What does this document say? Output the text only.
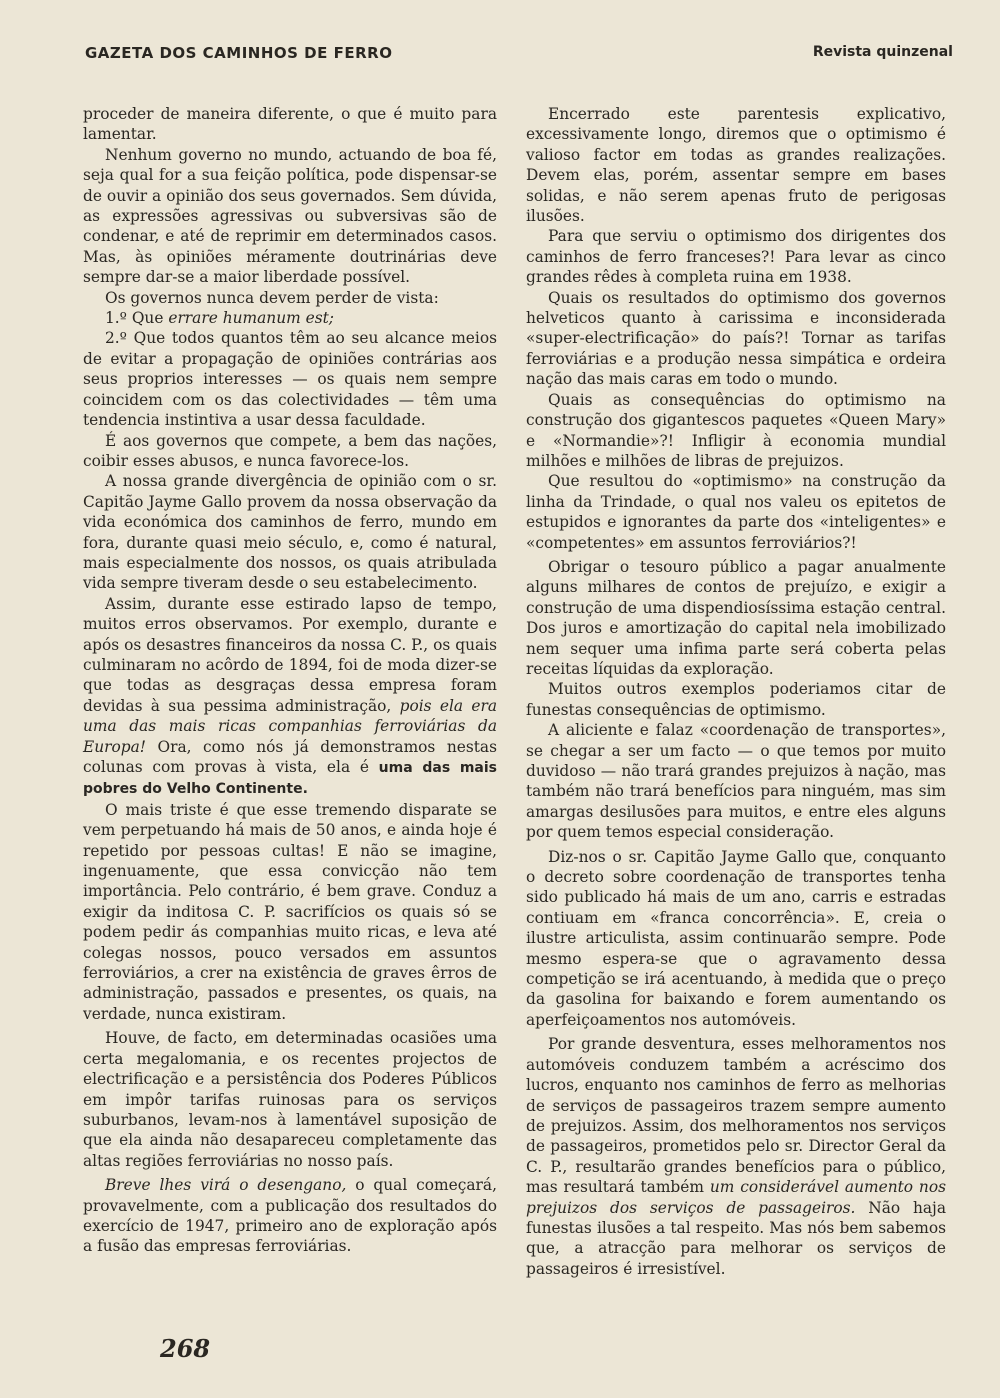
GAZETA DOS CAMINHOS DE FERRO	Revista quinzenal

proceder de maneira diferente, o que é muito para lamentar.

Nenhum governo no mundo, actuando de boa fé, seja qual for a sua feição política, pode dispensar-se de ouvir a opinião dos seus governados. Sem dúvida, as expressões agressivas ou subversivas são de condenar, e até de reprimir em determinados casos. Mas, às opiniões méramente doutrinárias deve sempre dar-se a maior liberdade possível.

Os governos nunca devem perder de vista:

1.º Que errare humanum est;

2.º Que todos quantos têm ao seu alcance meios de evitar a propagação de opiniões contrárias aos seus proprios interesses — os quais nem sempre coincidem com os das colectividades — têm uma tendencia instintiva a usar dessa faculdade.

É aos governos que compete, a bem das nações, coibir esses abusos, e nunca favorece-los.

A nossa grande divergência de opinião com o sr. Capitão Jayme Gallo provem da nossa observação da vida económica dos caminhos de ferro, mundo em fora, durante quasi meio século, e, como é natural, mais especialmente dos nossos, os quais atribulada vida sempre tiveram desde o seu estabelecimento.

Assim, durante esse estirado lapso de tempo, muitos erros observamos. Por exemplo, durante e após os desastres financeiros da nossa C. P., os quais culminaram no acôrdo de 1894, foi de moda dizer-se que todas as desgraças dessa empresa foram devidas à sua pessima administração, pois ela era uma das mais ricas companhias ferroviárias da Europa! Ora, como nós já demonstramos nestas colunas com provas à vista, ela é uma das mais pobres do Velho Continente.

O mais triste é que esse tremendo disparate se vem perpetuando há mais de 50 anos, e ainda hoje é repetido por pessoas cultas! E não se imagine, ingenuamente, que essa convicção não tem importância. Pelo contrário, é bem grave. Conduz a exigir da inditosa C. P. sacrifícios os quais só se podem pedir ás companhias muito ricas, e leva até colegas nossos, pouco versados em assuntos ferroviários, a crer na existência de graves êrros de administração, passados e presentes, os quais, na verdade, nunca existiram.

Houve, de facto, em determinadas ocasiões uma certa megalomania, e os recentes projectos de electrificação e a persistência dos Poderes Públicos em impôr tarifas ruinosas para os serviços suburbanos, levam-nos à lamentável suposição de que ela ainda não desapareceu completamente das altas regiões ferroviárias no nosso país.

Breve lhes virá o desengano, o qual começará, provavelmente, com a publicação dos resultados do exercício de 1947, primeiro ano de exploração após a fusão das empresas ferroviárias.

Encerrado este parentesis explicativo, excessivamente longo, diremos que o optimismo é valioso factor em todas as grandes realizações. Devem elas, porém, assentar sempre em bases solidas, e não serem apenas fruto de perigosas ilusões.

Para que serviu o optimismo dos dirigentes dos caminhos de ferro franceses?! Para levar as cinco grandes rêdes à completa ruina em 1938.

Quais os resultados do optimismo dos governos helveticos quanto à carissima e inconsiderada «super-electrificação» do país?! Tornar as tarifas ferroviárias e a produção nessa simpática e ordeira nação das mais caras em todo o mundo.

Quais as consequências do optimismo na construção dos gigantescos paquetes «Queen Mary» e «Normandie»?! Infligir à economia mundial milhões e milhões de libras de prejuizos.

Que resultou do «optimismo» na construção da linha da Trindade, o qual nos valeu os epitetos de estupidos e ignorantes da parte dos «inteligentes» e «competentes» em assuntos ferroviários?!

Obrigar o tesouro público a pagar anualmente alguns milhares de contos de prejuízo, e exigir a construção de uma dispendiosíssima estação central. Dos juros e amortização do capital nela imobilizado nem sequer uma infima parte será coberta pelas receitas líquidas da exploração.

Muitos outros exemplos poderiamos citar de funestas consequências de optimismo.

A aliciente e falaz «coordenação de transportes», se chegar a ser um facto — o que temos por muito duvidoso — não trará grandes prejuizos à nação, mas também não trará benefícios para ninguém, mas sim amargas desilusões para muitos, e entre eles alguns por quem temos especial consideração.

Diz-nos o sr. Capitão Jayme Gallo que, conquanto o decreto sobre coordenação de transportes tenha sido publicado há mais de um ano, carris e estradas contiuam em «franca concorrência». E, creia o ilustre articulista, assim continuarão sempre. Pode mesmo espera-se que o agravamento dessa competição se irá acentuando, à medida que o preço da gasolina for baixando e forem aumentando os aperfeiçoamentos nos automóveis.

Por grande desventura, esses melhoramentos nos automóveis conduzem também a acréscimo dos lucros, enquanto nos caminhos de ferro as melhorias de serviços de passageiros trazem sempre aumento de prejuizos. Assim, dos melhoramentos nos serviços de passageiros, prometidos pelo sr. Director Geral da C. P., resultarão grandes benefícios para o público, mas resultará também um considerável aumento nos prejuizos dos serviços de passageiros. Não haja funestas ilusões a tal respeito. Mas nós bem sabemos que, a atracção para melhorar os serviços de passageiros é irresistível.

268
